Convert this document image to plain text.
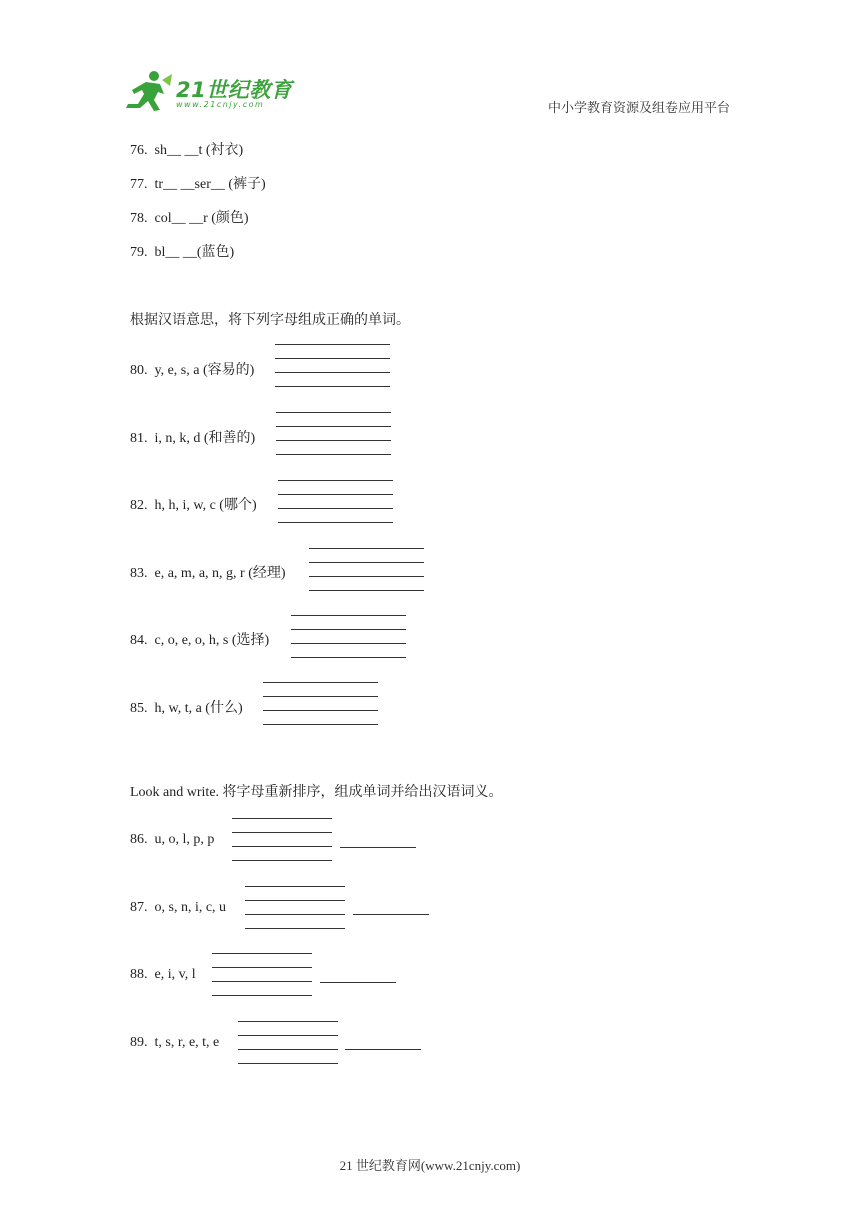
21世纪教育
www.21cnjy.com	中小学教育资源及组卷应用平台
76. sh__ __t (衬衣)
77. tr__ __ser__ (裤子)
78. col__ __r (颜色)
79. bl__ __(蓝色)
根据汉语意思，将下列字母组成正确的单词。
80. y, e, s, a (容易的)
81. i, n, k, d (和善的)
82. h, h, i, w, c (哪个)
83. e, a, m, a, n, g, r (经理)
84. c, o, e, o, h, s (选择)
85. h, w, t, a (什么)
Look and write. 将字母重新排序，组成单词并给出汉语词义。
86. u, o, l, p, p
87. o, s, n, i, c, u
88. e, i, v, l
89. t, s, r, e, t, e
21 世纪教育网(www.21cnjy.com)
